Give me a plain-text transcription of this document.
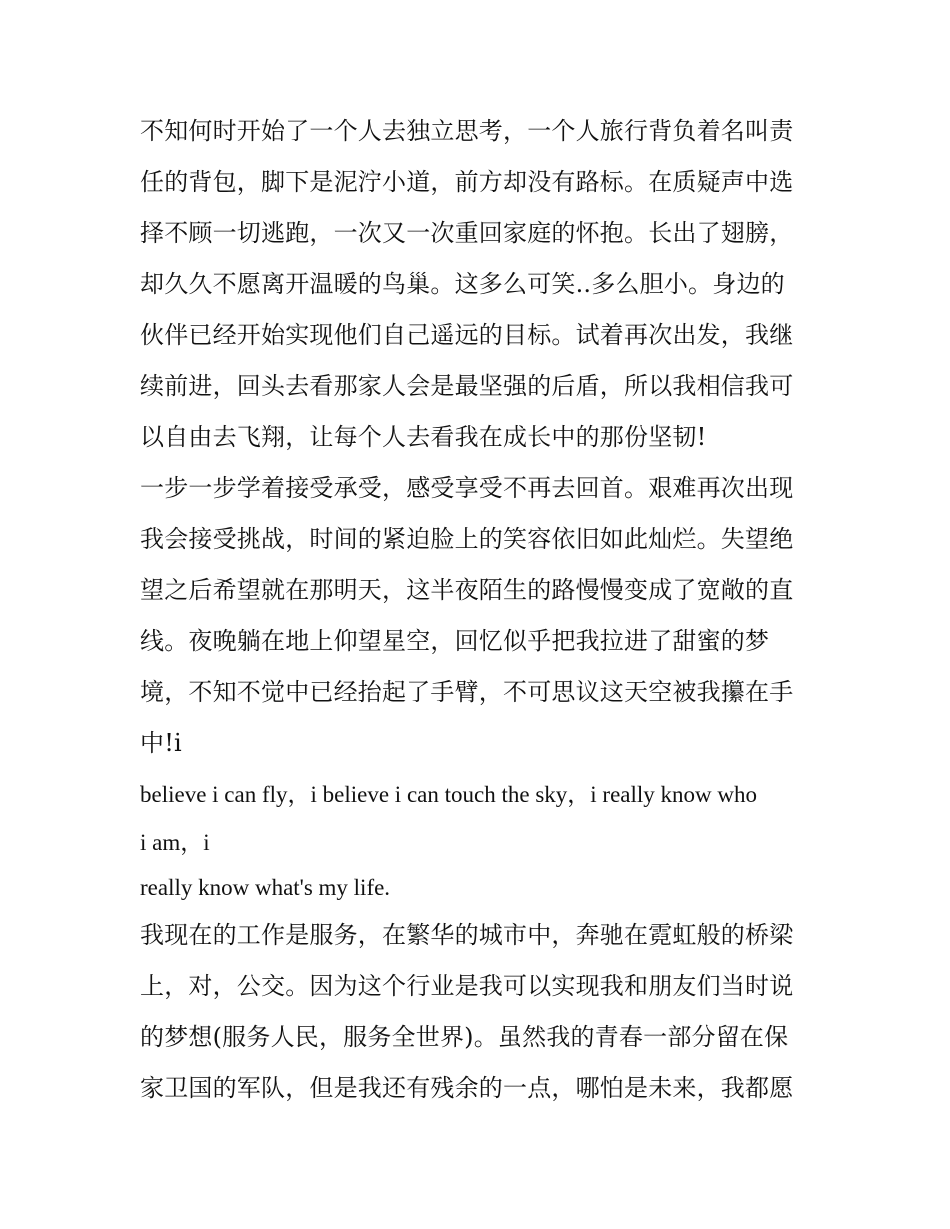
不知何时开始了一个人去独立思考，一个人旅行背负着名叫责
任的背包，脚下是泥泞小道，前方却没有路标。在质疑声中选
择不顾一切逃跑，一次又一次重回家庭的怀抱。长出了翅膀，
却久久不愿离开温暖的鸟巢。这多么可笑..多么胆小。身边的
伙伴已经开始实现他们自己遥远的目标。试着再次出发，我继
续前进，回头去看那家人会是最坚强的后盾，所以我相信我可
以自由去飞翔，让每个人去看我在成长中的那份坚韧!
一步一步学着接受承受，感受享受不再去回首。艰难再次出现
我会接受挑战，时间的紧迫脸上的笑容依旧如此灿烂。失望绝
望之后希望就在那明天，这半夜陌生的路慢慢变成了宽敞的直
线。夜晚躺在地上仰望星空，回忆似乎把我拉进了甜蜜的梦
境，不知不觉中已经抬起了手臂，不可思议这天空被我攥在手
中!i
believe i can fly，i believe i can touch the sky，i really know who
i am，i
really know what's my life.
我现在的工作是服务，在繁华的城市中，奔驰在霓虹般的桥梁
上，对，公交。因为这个行业是我可以实现我和朋友们当时说
的梦想(服务人民，服务全世界)。虽然我的青春一部分留在保
家卫国的军队，但是我还有残余的一点，哪怕是未来，我都愿
